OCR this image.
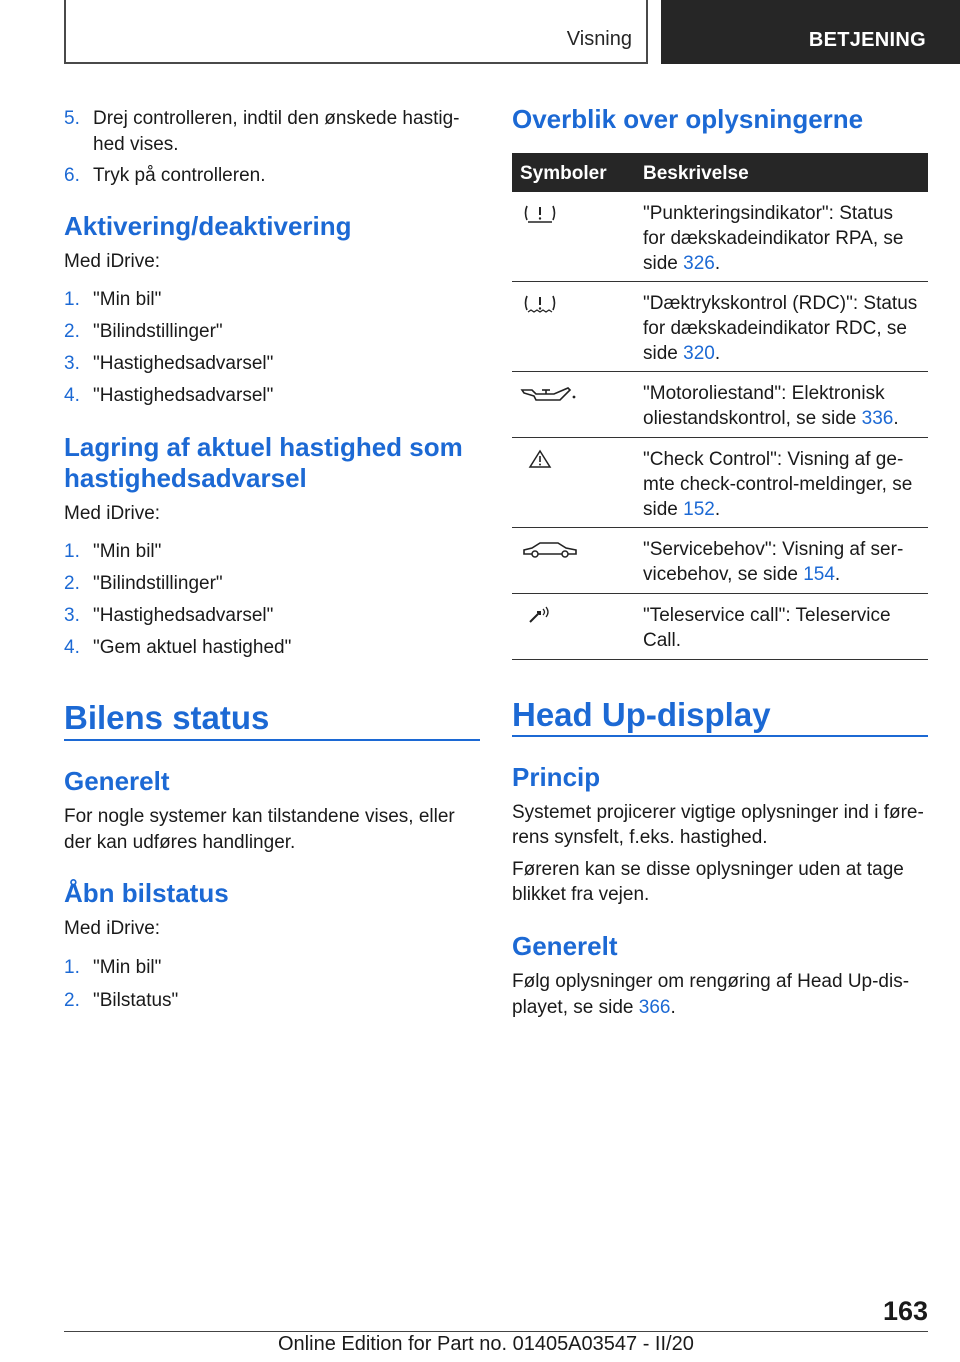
Visning	BETJENING
5. Drej controlleren, indtil den ønskede hastig-
hed vises.
6. Tryk på controlleren.
Aktivering/deaktivering
Med iDrive:
1. "Min bil"
2. "Bilindstillinger"
3. "Hastighedsadvarsel"
4. "Hastighedsadvarsel"
Lagring af aktuel hastighed som
hastighedsadvarsel
Med iDrive:
1. "Min bil"
2. "Bilindstillinger"
3. "Hastighedsadvarsel"
4. "Gem aktuel hastighed"
Bilens status
Generelt
For nogle systemer kan tilstandene vises, eller
der kan udføres handlinger.
Åbn bilstatus
Med iDrive:
1. "Min bil"
2. "Bilstatus"
Overblik over oplysningerne
Symboler Beskrivelse
"Punkteringsindikator": Status
for dækskadeindikator RPA, se
side 326.
"Dæktrykskontrol (RDC)": Status
for dækskadeindikator RDC, se
side 320.
"Motoroliestand": Elektronisk
oliestandskontrol, se side 336.
"Check Control": Visning af ge-
mte check-control-meldinger, se
side 152.
"Servicebehov": Visning af ser-
vicebehov, se side 154.
"Teleservice call": Teleservice
Call.
Head Up-display
Princip
Systemet projicerer vigtige oplysninger ind i føre-
rens synsfelt, f.eks. hastighed.
Føreren kan se disse oplysninger uden at tage
blikket fra vejen.
Generelt
Følg oplysninger om rengøring af Head Up-dis-
playet, se side 366.
163
Online Edition for Part no. 01405A03547 - II/20
